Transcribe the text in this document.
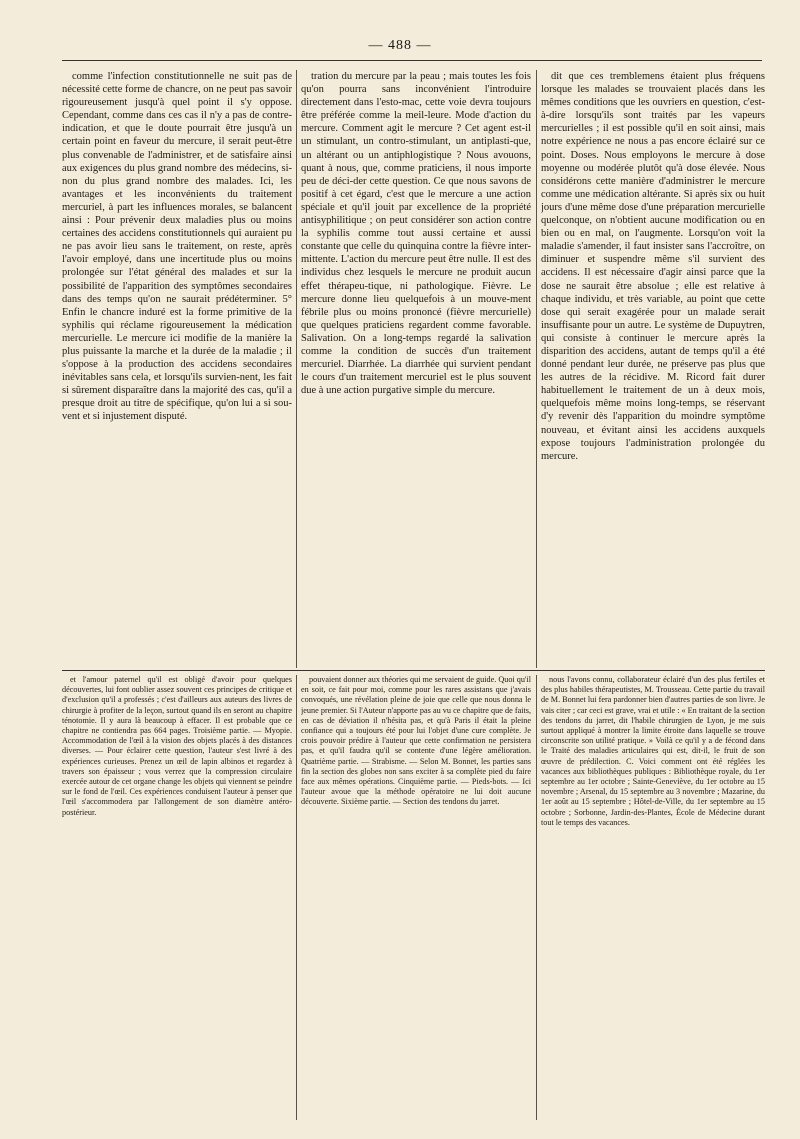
— 488 —

comme l'infection constitutionnelle ne suit pas de nécessité cette forme de chancre, on ne peut pas savoir rigoureusement jusqu'à quel point il s'y oppose. Cependant, comme dans ces cas il n'y a pas de contre-indication, et que le doute pourrait être jusqu'à un certain point en faveur du mercure, il serait peut-être plus convenable de l'administrer, et de satisfaire ainsi aux exigences du plus grand nombre des médecins, si-non du plus grand nombre des malades. Ici, les avantages et les inconvénients du traitement mercuriel, à part les influences morales, se balancent ainsi : Pour prévenir deux maladies plus ou moins certaines des accidens constitutionnels qui auraient pu ne pas avoir lieu sans le traitement, on reste, après l'avoir employé, dans une incertitude plus ou moins prolongée sur l'état général des malades et sur la possibilité de l'apparition des symptômes secondaires dans des temps qu'on ne saurait prédéterminer. 5° Enfin le chancre induré est la forme primitive de la syphilis qui réclame rigoureusement la médication mercurielle. Le mercure ici modifie de la manière la plus puissante la marche et la durée de la maladie ; il s'oppose à la production des accidens secondaires inévitables sans cela, et lorsqu'ils survien-nent, les fait si sûrement disparaître dans la majorité des cas, qu'il a presque droit au titre de spécifique, qu'on lui a si sou-vent et si injustement disputé.

tration du mercure par la peau ; mais toutes les fois qu'on pourra sans inconvénient l'introduire directement dans l'esto-mac, cette voie devra toujours être préférée comme la meil-leure. Mode d'action du mercure. Comment agit le mercure ? Cet agent est-il un stimulant, un contro-stimulant, un antiplasti-que, un altérant ou un antiphlogistique ? Nous avouons, quant à nous, que, comme praticiens, il nous importe peu de déci-der cette question. Ce que nous savons de positif à cet égard, c'est que le mercure a une action spéciale et qu'il jouit par excellence de la propriété antisyphilitique ; on peut considérer son action contre la syphilis comme tout aussi certaine et aussi constante que celle du quinquina contre la fièvre inter-mittente. L'action du mercure peut être nulle. Il est des individus chez lesquels le mercure ne produit aucun effet thérapeu-tique, ni pathologique. Fièvre. Le mercure donne lieu quelquefois à un mouve-ment fébrile plus ou moins prononcé (fièvre mercurielle) que quelques praticiens regardent comme favorable. Salivation. On a long-temps regardé la salivation comme la condition de succès d'un traitement mercuriel. Diarrhée. La diarrhée qui survient pendant le cours d'un traitement mercuriel est le plus souvent due à une action purgative simple du mercure.

dit que ces tremblemens étaient plus fréquens lorsque les malades se trouvaient placés dans les mêmes conditions que les ouvriers en question, c'est-à-dire lorsqu'ils sont traités par les vapeurs mercurielles ; il est possible qu'il en soit ainsi, mais notre expérience ne nous a pas encore éclairé sur ce point. Doses. Nous employons le mercure à dose moyenne ou modérée plutôt qu'à dose élevée. Nous considérons cette manière d'administrer le mercure comme une médication altérante. Si après six ou huit jours d'une même dose d'une préparation mercurielle quelconque, on n'obtient aucune modification ou en bien ou en mal, on l'augmente. Lorsqu'on voit la maladie s'amender, il faut insister sans l'accroître, on diminuer et suspendre même s'il survient des accidens. Il est nécessaire d'agir ainsi parce que la dose ne saurait être absolue ; elle est relative à chaque individu, et très variable, au point que cette dose qui serait exagérée pour un malade serait insuffisante pour un autre. Le système de Dupuytren, qui consiste à continuer le mercure après la disparition des accidens, autant de temps qu'il a été donné pendant leur durée, ne préserve pas plus que les autres de la récidive. M. Ricord fait durer habituellement le traitement de un à deux mois, quelquefois même moins long-temps, se réservant d'y revenir dès l'apparition du moindre symptôme nouveau, et évitant ainsi les accidens auxquels expose toujours l'administration prolongée du mercure.

et l'amour paternel qu'il est obligé d'avoir pour quelques découvertes, lui font oublier assez souvent ces principes de critique et d'exclusion qu'il a professés ; c'est d'ailleurs aux auteurs des livres de chirurgie à profiter de la leçon, surtout quand ils en seront au chapitre ténotomie. Il y aura là beaucoup à effacer. Il est probable que ce chapitre ne contiendra pas 664 pages. Troisième partie. — Myopie. Accommodation de l'œil à la vision des objets placés à des distances diverses. — Pour éclairer cette question, l'auteur s'est livré à des expériences curieuses. Prenez un œil de lapin albinos et regardez à travers son épaisseur ; vous verrez que la compression circulaire exercée autour de cet organe change les objets qui viennent se peindre sur le fond de l'œil. Ces expériences conduisent l'auteur à penser que l'œil s'accommodera par l'allongement de son diamètre antéro-postérieur.

pouvaient donner aux théories qui me servaient de guide. Quoi qu'il en soit, ce fait pour moi, comme pour les rares assistans que j'avais convoqués, une révélation pleine de joie que celle que nous donna le jeune premier. Si l'Auteur n'apporte pas au vu ce chapitre que de faits, en cas de déviation il n'hésita pas, et qu'à Paris il était la pleine confiance qui a toujours été pour lui l'objet d'une cure complète. Je crois pouvoir prédire à l'auteur que cette confirmation ne persistera pas, et qu'il faudra qu'il se contente d'une légère amélioration. Quatrième partie. — Strabisme. — Selon M. Bonnet, les parties sans fin la section des globes non sans exciter à sa complète pied du faire face aux mêmes opérations. Cinquième partie. — Pieds-bots. — Ici l'auteur avoue que la méthode opératoire ne lui doit aucune découverte. Sixième partie. — Section des tendons du jarret.

nous l'avons connu, collaborateur éclairé d'un des plus fertiles et des plus habiles thérapeutistes, M. Trousseau. Cette partie du travail de M. Bonnet lui fera pardonner bien d'autres parties de son livre. Je vais citer ; car ceci est grave, vrai et utile : « En traitant de la section des tendons du jarret, dit l'habile chirurgien de Lyon, je me suis surtout appliqué à montrer la limite étroite dans laquelle se trouve circonscrite son utilité pratique. » Voilà ce qu'il y a de fécond dans le Traité des maladies articulaires qui est, dit-il, le fruit de son œuvre de prédilection. C. Voici comment ont été réglées les vacances aux bibliothèques publiques : Bibliothèque royale, du 1er septembre au 1er octobre ; Sainte-Geneviève, du 1er octobre au 15 novembre ; Arsenal, du 15 septembre au 3 novembre ; Mazarine, du 1er août au 15 septembre ; Hôtel-de-Ville, du 1er septembre au 15 octobre ; Sorbonne, Jardin-des-Plantes, École de Médecine durant tout le temps des vacances.
